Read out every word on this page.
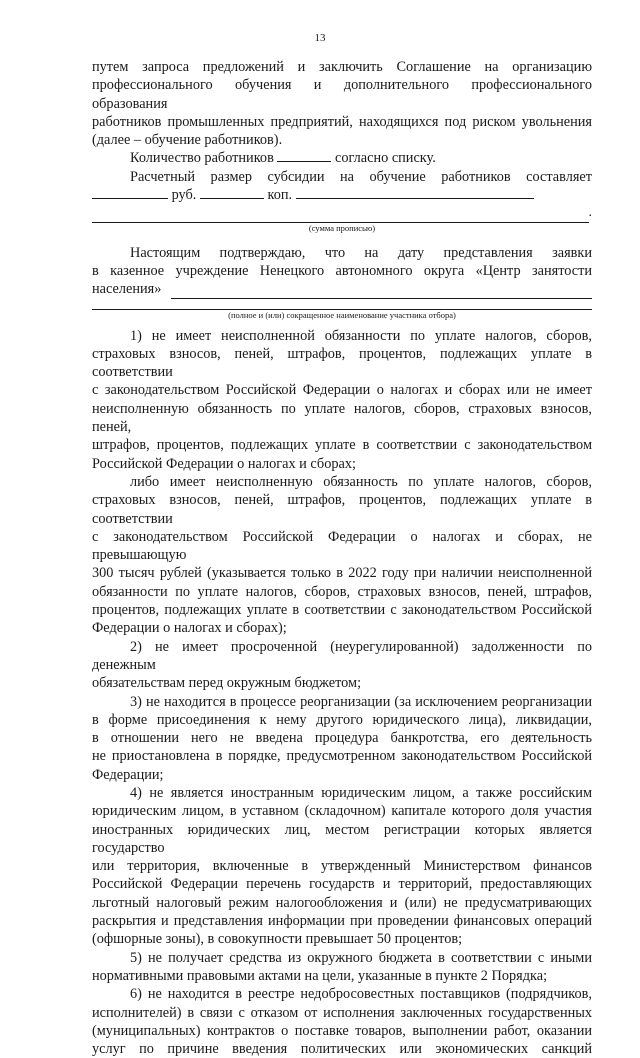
13

путем запроса предложений и заключить Соглашение на организацию

профессионального обучения и дополнительного профессионального образования

работников промышленных предприятий, находящихся под риском увольнения

(далее – обучение работников).

Количество работников	согласно списку.

Расчетный размер субсидии на обучение работников составляет

руб.	коп.

.
(сумма прописью)

Настоящим подтверждаю, что на дату представления заявки

в казенное учреждение Ненецкого автономного округа «Центр занятости

населения»
(полное и (или) сокращенное наименование участника отбора)

1) не имеет неисполненной обязанности по уплате налогов, сборов,

страховых взносов, пеней, штрафов, процентов, подлежащих уплате в соответствии

с законодательством Российской Федерации о налогах и сборах или не имеет

неисполненную обязанность по уплате налогов, сборов, страховых взносов, пеней,

штрафов, процентов, подлежащих уплате в соответствии с законодательством

Российской Федерации о налогах и сборах;

либо имеет неисполненную обязанность по уплате налогов, сборов,

страховых взносов, пеней, штрафов, процентов, подлежащих уплате в соответствии

с законодательством Российской Федерации о налогах и сборах, не превышающую

300 тысяч рублей (указывается только в 2022 году при наличии неисполненной

обязанности по уплате налогов, сборов, страховых взносов, пеней, штрафов,

процентов, подлежащих уплате в соответствии с законодательством Российской

Федерации о налогах и сборах);

2) не имеет просроченной (неурегулированной) задолженности по денежным

обязательствам перед окружным бюджетом;

3) не находится в процессе реорганизации (за исключением реорганизации

в форме присоединения к нему другого юридического лица), ликвидации,

в отношении него не введена процедура банкротства, его деятельность

не приостановлена в порядке, предусмотренном законодательством Российской

Федерации;

4) не является иностранным юридическим лицом, а также российским

юридическим лицом, в уставном (складочном) капитале которого доля участия

иностранных юридических лиц, местом регистрации которых является государство

или территория, включенные в утвержденный Министерством финансов

Российской Федерации перечень государств и территорий, предоставляющих

льготный налоговый режим налогообложения и (или) не предусматривающих

раскрытия и представления информации при проведении финансовых операций

(офшорные зоны), в совокупности превышает 50 процентов;

5) не получает средства из окружного бюджета в соответствии с иными

нормативными правовыми актами на цели, указанные в пункте 2 Порядка;

6) не находится в реестре недобросовестных поставщиков (подрядчиков,

исполнителей) в связи с отказом от исполнения заключенных государственных

(муниципальных) контрактов о поставке товаров, выполнении работ, оказании

услуг по причине введения политических или экономических санкций
